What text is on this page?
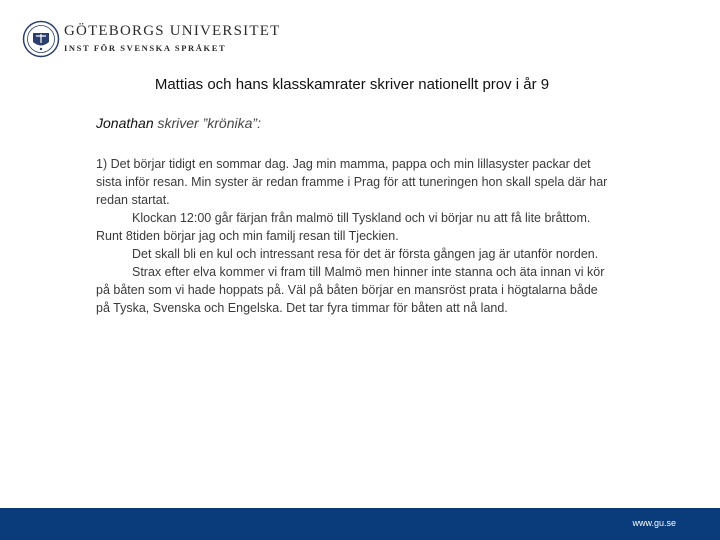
GÖTEBORGS UNIVERSITET
INST FÖR SVENSKA SPRÅKET
Mattias och hans klasskamrater skriver nationellt prov i år 9
Jonathan skriver ”krönika”:

1) Det börjar tidigt en sommar dag. Jag min mamma, pappa och min lillasyster packar det sista inför resan. Min syster är redan framme i Prag för att tuneringen hon skall spela där har redan startat.

Klockan 12:00 går färjan från malmö till Tyskland och vi börjar nu att få lite bråttom. Runt 8tiden börjar jag och min familj resan till Tjeckien.

Det skall bli en kul och intressant resa för det är första gången jag är utanför norden.

Strax efter elva kommer vi fram till Malmö men hinner inte stanna och äta innan vi kör på båten som vi hade hoppats på. Väl på båten börjar en mansröst prata i högtalarna både på Tyska, Svenska och Engelska. Det tar fyra timmar för båten att nå land.

www.gu.se
